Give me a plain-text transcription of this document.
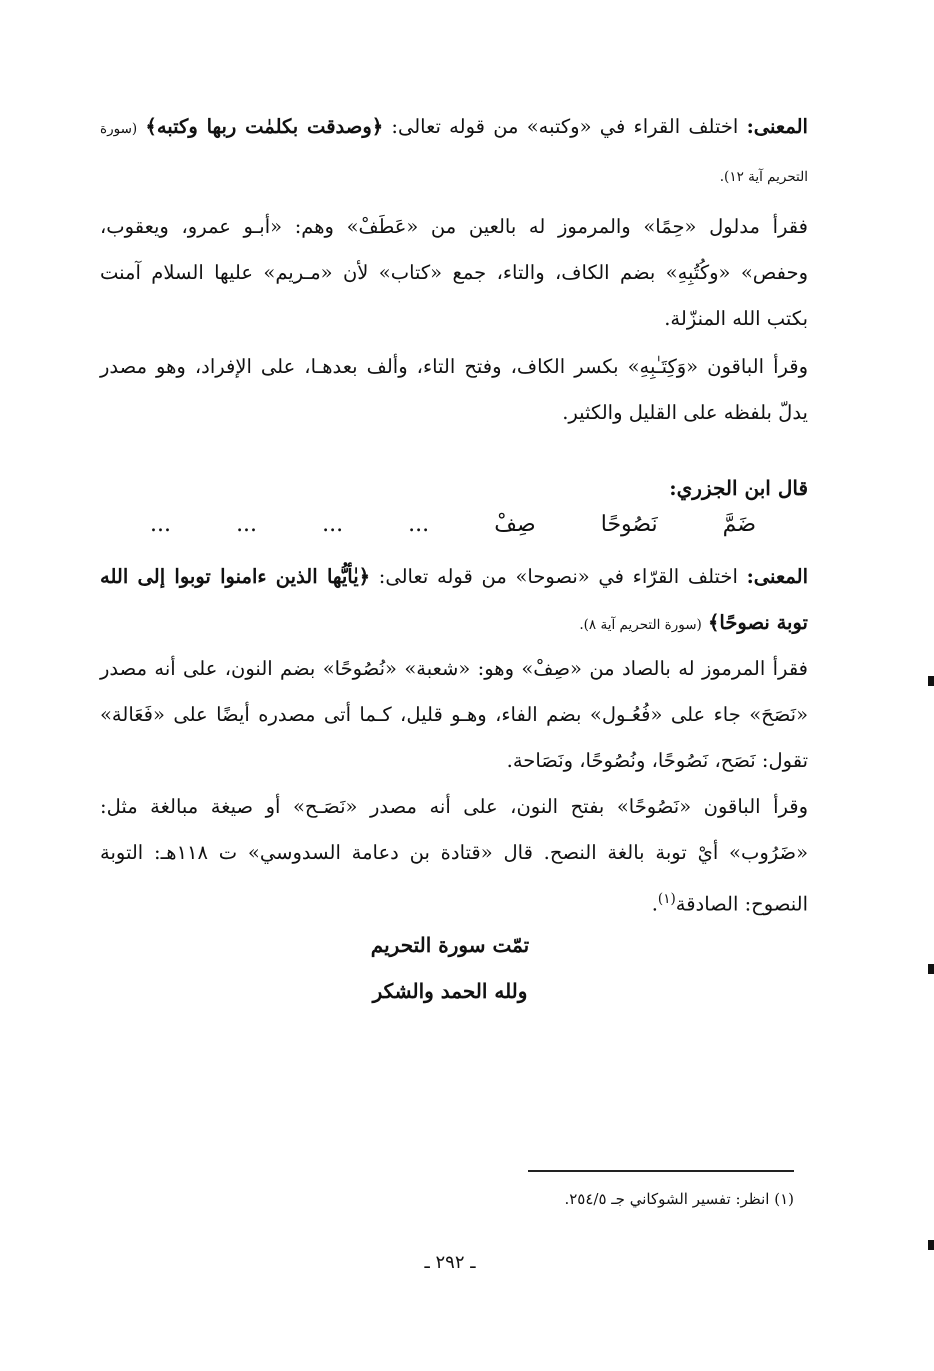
المعنى: اختلف القراء في «وكتبه» من قوله تعالى: ﴿وصدقت بكلمٰت ربها وكتبه﴾ (سورة التحريم آية ١٢).

فقرأ مدلول «حِمًا» والمرموز له بالعين من «عَطَفْ» وهم: «أبـو عمرو، ويعقوب، وحفص» «وكُتُبِهِ» بضم الكاف، والتاء، جمع «كتاب» لأن «مـريم» عليها السلام آمنت بكتب الله المنزّلة.

وقرأ الباقون «وَكِتَـٰبِهِ» بكسر الكاف، وفتح التاء، وألف بعدهـا، على الإفراد، وهو مصدر يدلّ بلفظه على القليل والكثير.

قال ابن الجزري:
ضَمَّ
نَصُوحًا
صِفْ
...
...
...
...

المعنى: اختلف القرّاء في «نصوحا» من قوله تعالى: ﴿يٰأيُّها الذين ءامنوا توبوا إلى الله توبة نصوحًا﴾ (سورة التحريم آية ٨).

فقرأ المرموز له بالصاد من «صِفْ» وهو: «شعبة» «نُصُوحًا» بضم النون، على أنه مصدر «نَصَحَ» جاء على «فُعُـول» بضم الفاء، وهـو قليل، كـما أتى مصدره أيضًا على «فَعَالة» تقول: نَصَح، نَصُوحًا، ونُصُوحًا، ونَصَاحة.

وقرأ الباقون «نَصُوحًا» بفتح النون، على أنه مصدر «نَصَـح» أو صيغة مبالغة مثل: «ضَرُوب» أيْ توبة بالغة النصح. قال «قتادة بن دعامة السدوسي» ت ١١٨هـ: التوبة النصوح: الصادقة$^{(١)}$.

تمّت سورة التحريم
ولله الحمد والشكر
(١) انظر: تفسير الشوكاني جـ ٢٥٤/٥.
ـ ٢٩٢ ـ
